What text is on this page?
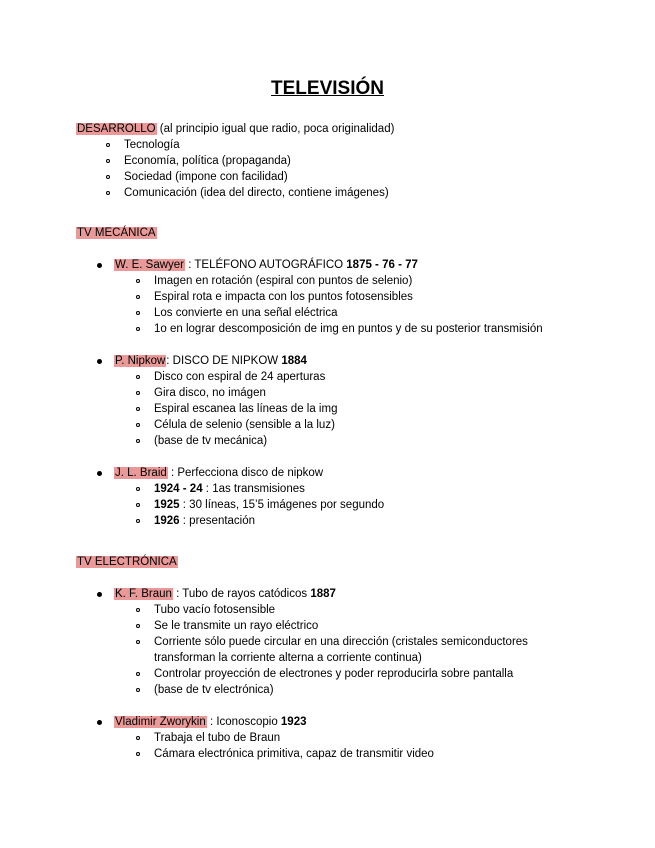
TELEVISIÓN
DESARROLLO (al principio igual que radio, poca originalidad)
Tecnología
Economía, política (propaganda)
Sociedad (impone con facilidad)
Comunicación (idea del directo, contiene imágenes)
TV MECÁNICA
W. E. Sawyer : TELÉFONO AUTOGRÁFICO 1875 - 76 - 77
Imagen en rotación (espiral con puntos de selenio)
Espiral rota e impacta con los puntos fotosensibles
Los convierte en una señal eléctrica
1o en lograr descomposición de img en puntos y de su posterior transmisión
P. Nipkow: DISCO DE NIPKOW 1884
Disco con espiral de 24 aperturas
Gira disco, no imágen
Espiral escanea las líneas de la img
Célula de selenio (sensible a la luz)
(base de tv mecánica)
J. L. Braid : Perfecciona disco de nipkow
1924 - 24 : 1as transmisiones
1925 : 30 líneas, 15’5 imágenes por segundo
1926 : presentación
TV ELECTRÓNICA
K. F. Braun : Tubo de rayos catódicos 1887
Tubo vacío fotosensible
Se le transmite un rayo eléctrico
Corriente sólo puede circular en una dirección (cristales semiconductores
transforman la corriente alterna a corriente continua)
Controlar proyección de electrones y poder reproducirla sobre pantalla
(base de tv electrónica)
Vladimir Zworykin : Iconoscopio 1923
Trabaja el tubo de Braun
Cámara electrónica primitiva, capaz de transmitir video
